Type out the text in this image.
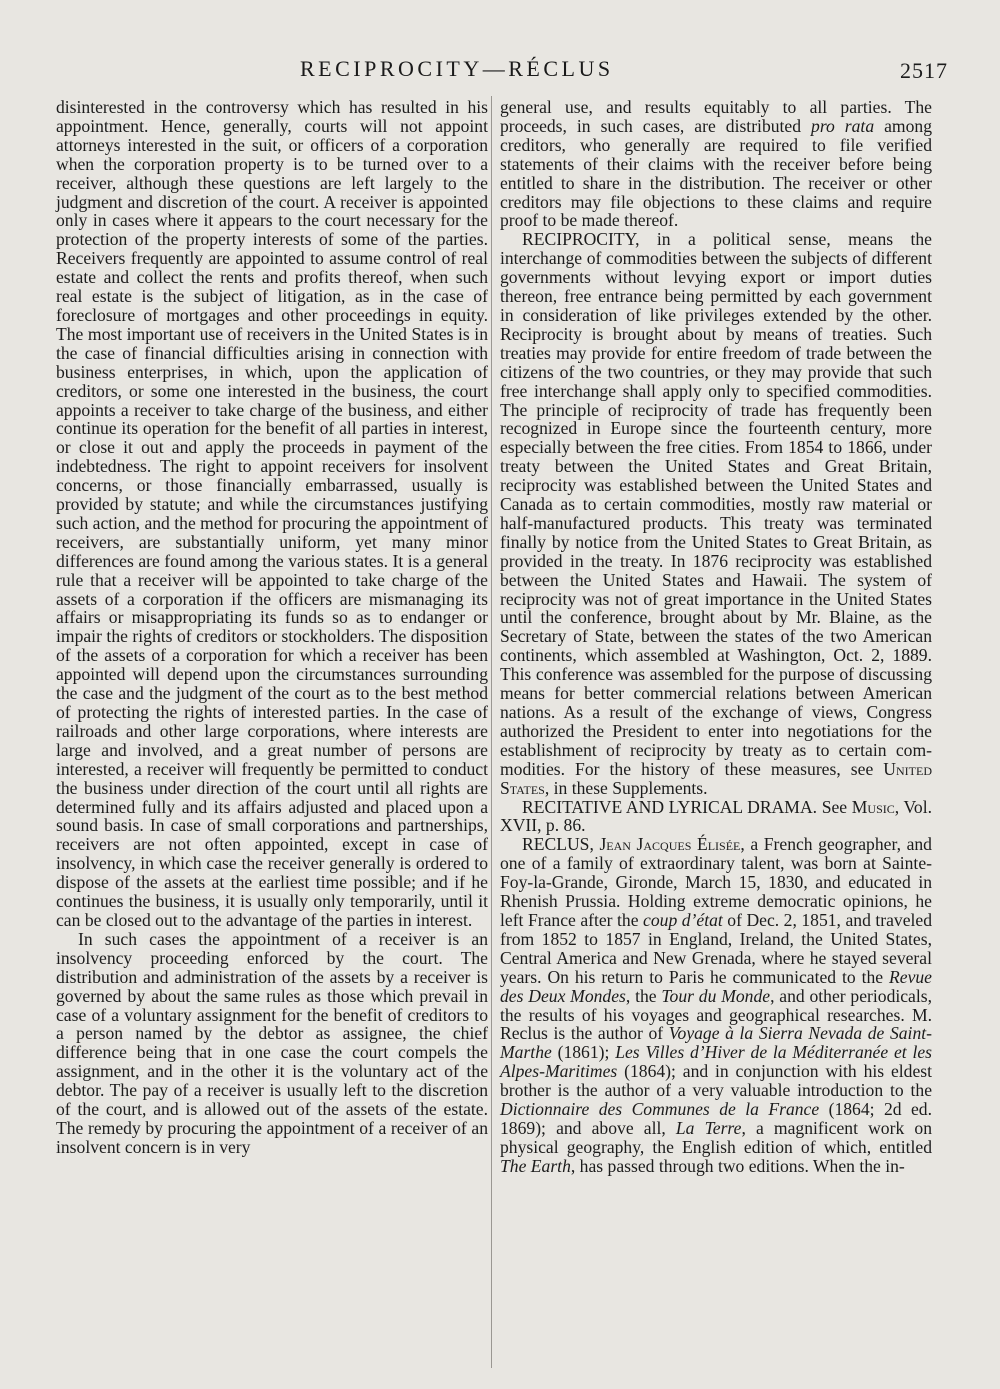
RECIPROCITY—RÉCLUS	2517

disinterested in the controversy which has resulted in his appointment. Hence, generally, courts will not appoint attorneys interested in the suit, or officers of a corporation when the corporation property is to be turned over to a receiver, although these questions are left largely to the judgment and discretion of the court. A receiver is appointed only in cases where it appears to the court necessary for the protection of the property interests of some of the parties. Receivers frequently are appointed to assume control of real estate and collect the rents and profits thereof, when such real estate is the subject of litigation, as in the case of foreclosure of mortgages and other proceedings in equity. The most important use of receivers in the United States is in the case of financial difficulties arising in connection with business enterprises, in which, upon the application of creditors, or some one interested in the business, the court appoints a receiver to take charge of the business, and either continue its operation for the benefit of all parties in interest, or close it out and apply the proceeds in payment of the indebtedness. The right to appoint receivers for insolvent concerns, or those financially embarrassed, usually is provided by statute; and while the circumstances justifying such action, and the method for procuring the appointment of receivers, are substantially uniform, yet many minor differences are found among the various states. It is a general rule that a receiver will be appointed to take charge of the assets of a corporation if the officers are mismanaging its affairs or misappropriating its funds so as to endanger or impair the rights of creditors or stockholders. The disposition of the assets of a corporation for which a receiver has been appointed will depend upon the circumstances surrounding the case and the judgment of the court as to the best method of protecting the rights of interested parties. In the case of railroads and other large corporations, where interests are large and involved, and a great number of persons are interested, a receiver will frequently be permitted to conduct the business under direction of the court until all rights are determined fully and its affairs adjusted and placed upon a sound basis. In case of small corporations and partnerships, receivers are not often appointed, except in case of insolvency, in which case the receiver generally is ordered to dispose of the assets at the earliest time possible; and if he continues the business, it is usually only temporarily, until it can be closed out to the advantage of the parties in interest.

In such cases the appointment of a receiver is an insolvency proceeding enforced by the court. The distribution and administration of the assets by a receiver is governed by about the same rules as those which prevail in case of a voluntary assignment for the benefit of creditors to a person named by the debtor as assignee, the chief difference being that in one case the court compels the assignment, and in the other it is the voluntary act of the debtor. The pay of a receiver is usually left to the discretion of the court, and is allowed out of the assets of the estate. The remedy by procuring the appointment of a receiver of an insolvent concern is in very

general use, and results equitably to all parties. The proceeds, in such cases, are distributed pro rata among creditors, who generally are required to file verified statements of their claims with the receiver before being entitled to share in the distribution. The receiver or other creditors may file objections to these claims and require proof to be made thereof.

RECIPROCITY, in a political sense, means the interchange of commodities between the subjects of different governments without levying export or import duties thereon, free entrance being permitted by each government in consideration of like privileges extended by the other. Reciprocity is brought about by means of treaties. Such treaties may provide for entire freedom of trade between the citizens of the two countries, or they may provide that such free interchange shall apply only to specified commodities. The principle of reciprocity of trade has frequently been recognized in Europe since the fourteenth century, more especially between the free cities. From 1854 to 1866, under treaty between the United States and Great Britain, reciprocity was established between the United States and Canada as to certain commodities, mostly raw material or half-manufactured products. This treaty was terminated finally by notice from the United States to Great Britain, as provided in the treaty. In 1876 reciprocity was established between the United States and Hawaii. The system of reciprocity was not of great importance in the United States until the conference, brought about by Mr. Blaine, as the Secretary of State, between the states of the two American continents, which assembled at Washington, Oct. 2, 1889. This conference was assembled for the purpose of discussing means for better commercial relations between American nations. As a result of the exchange of views, Congress authorized the President to enter into negotiations for the establishment of reciprocity by treaty as to certain commodities. For the history of these measures, see United States, in these Supplements.

RECITATIVE AND LYRICAL DRAMA. See Music, Vol. XVII, p. 86.

RECLUS, Jean Jacques Élisée, a French geographer, and one of a family of extraordinary talent, was born at Sainte-Foy-la-Grande, Gironde, March 15, 1830, and educated in Rhenish Prussia. Holding extreme democratic opinions, he left France after the coup d’état of Dec. 2, 1851, and traveled from 1852 to 1857 in England, Ireland, the United States, Central America and New Grenada, where he stayed several years. On his return to Paris he communicated to the Revue des Deux Mondes, the Tour du Monde, and other periodicals, the results of his voyages and geographical researches. M. Reclus is the author of Voyage à la Sierra Nevada de Saint-Marthe (1861); Les Villes d’Hiver de la Méditerranée et les Alpes-Maritimes (1864); and in conjunction with his eldest brother is the author of a very valuable introduction to the Dictionnaire des Communes de la France (1864; 2d ed. 1869); and above all, La Terre, a magnificent work on physical geography, the English edition of which, entitled The Earth, has passed through two editions. When the in-
